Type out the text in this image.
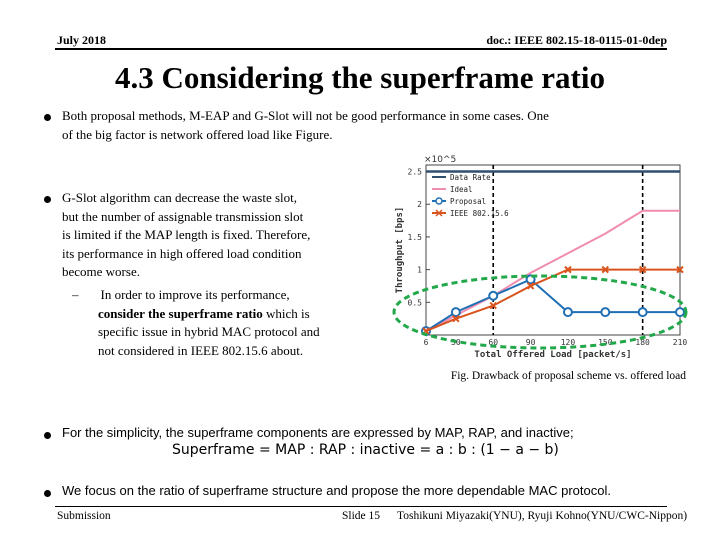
July 2018	doc.: IEEE 802.15-18-0115-01-0dep
4.3 Considering the superframe ratio
Both proposal methods, M-EAP and G-Slot will not be good performance in some cases. One
of the big factor is network offered load like Figure.
G-Slot algorithm can decrease the waste slot,
but the number of assignable transmission slot
is limited if the MAP length is fixed. Therefore,
its performance in high offered load condition
become worse.
– In order to improve its performance,
consider the superframe ratio which is
specific issue in hybrid MAC protocol and
not considered in IEEE 802.15.6 about.
×10^5
0.5
1
1.5
2
2.5
6	30	60	90	120	150	180	210
Total Offered Load [packet/s]
Throughput [bps]
Data Rate
Ideal
Proposal
IEEE 802.15.6
Fig. Drawback of proposal scheme vs. offered load
For the simplicity, the superframe components are expressed by MAP, RAP, and inactive;
Superframe = MAP : RAP : inactive = a : b : (1 − a − b)
We focus on the ratio of superframe structure and propose the more dependable MAC protocol.
Submission	Slide 15 Toshikuni Miyazaki(YNU), Ryuji Kohno(YNU/CWC-Nippon)
